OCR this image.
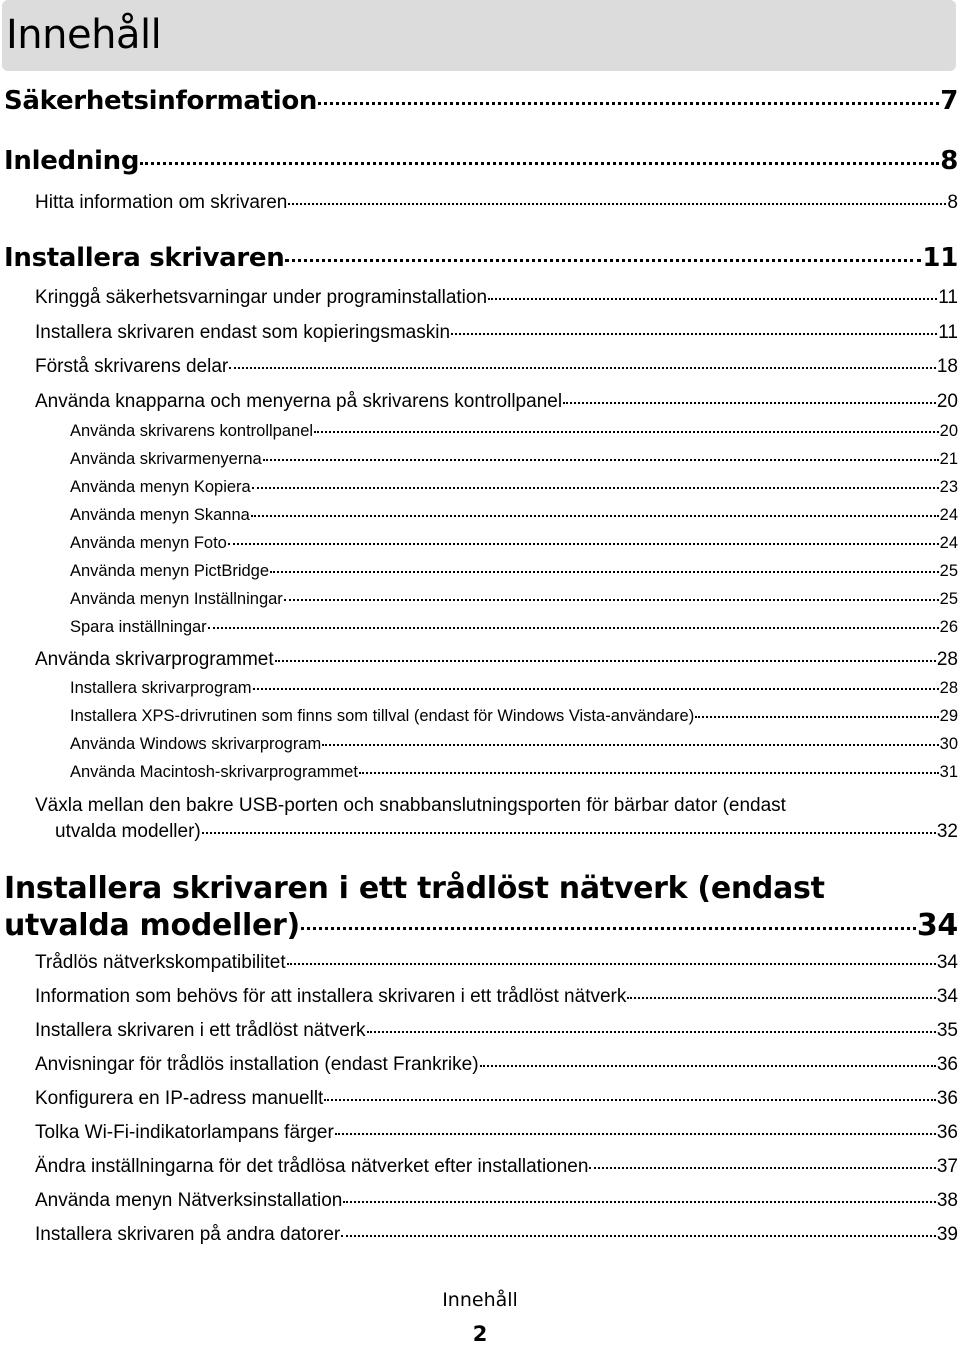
Innehåll
Säkerhetsinformation	7
Inledning	8
Hitta information om skrivaren	8
Installera skrivaren	11
Kringgå säkerhetsvarningar under programinstallation	11
Installera skrivaren endast som kopieringsmaskin	11
Förstå skrivarens delar	18
Använda knapparna och menyerna på skrivarens kontrollpanel	20
Använda skrivarens kontrollpanel	20
Använda skrivarmenyerna	21
Använda menyn Kopiera	23
Använda menyn Skanna	24
Använda menyn Foto	24
Använda menyn PictBridge	25
Använda menyn Inställningar	25
Spara inställningar	26
Använda skrivarprogrammet	28
Installera skrivarprogram	28
Installera XPS-drivrutinen som finns som tillval (endast för Windows Vista-användare)	29
Använda Windows skrivarprogram	30
Använda Macintosh-skrivarprogrammet	31
Växla mellan den bakre USB-porten och snabbanslutningsporten för bärbar dator (endast
utvalda modeller)	32
Installera skrivaren i ett trådlöst nätverk (endast
utvalda modeller)	34
Trådlös nätverkskompatibilitet	34
Information som behövs för att installera skrivaren i ett trådlöst nätverk	34
Installera skrivaren i ett trådlöst nätverk	35
Anvisningar för trådlös installation (endast Frankrike)	36
Konfigurera en IP-adress manuellt	36
Tolka Wi-Fi-indikatorlampans färger	36
Ändra inställningarna för det trådlösa nätverket efter installationen	37
Använda menyn Nätverksinstallation	38
Installera skrivaren på andra datorer	39
Innehåll
2
